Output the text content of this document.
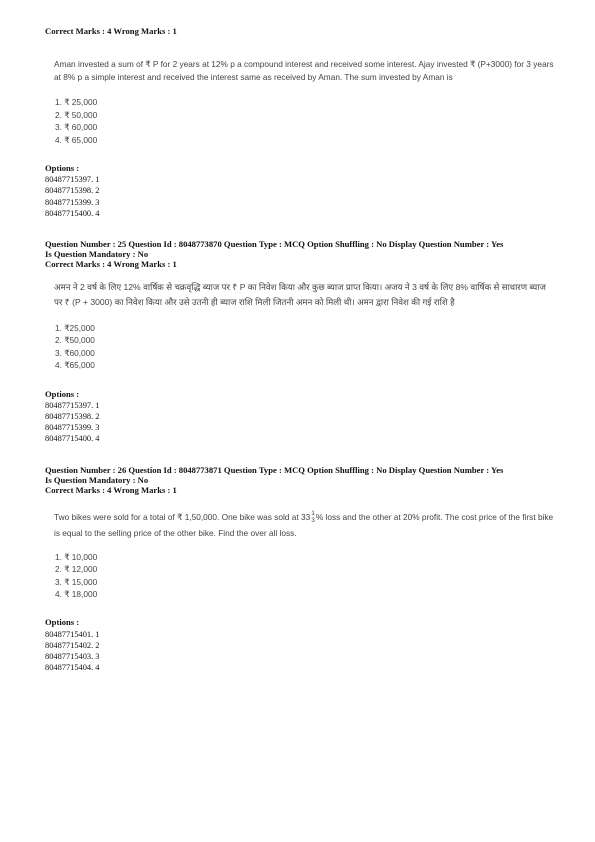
Correct Marks : 4 Wrong Marks : 1
Aman invested a sum of ₹ P for 2 years at 12% p a compound interest and received some interest. Ajay invested ₹ (P+3000) for 3 years at 8% p a simple interest and received the interest same as received by Aman. The sum invested by Aman is
1. ₹ 25,000
2. ₹ 50,000
3. ₹ 60,000
4. ₹ 65,000
Options :
80487715397. 1
80487715398. 2
80487715399. 3
80487715400. 4
Question Number : 25 Question Id : 8048773870 Question Type : MCQ Option Shuffling : No Display Question Number : Yes
Is Question Mandatory : No
Correct Marks : 4 Wrong Marks : 1
अमन ने 2 वर्ष के लिए 12% वार्षिक से चक्रवृद्धि ब्याज पर ₹ P का निवेश किया और कुछ ब्याज प्राप्त किया। अजय ने 3 वर्ष के लिए 8% वार्षिक से साधारण ब्याज पर ₹ (P + 3000) का निवेश किया और उसे उतनी ही ब्याज राशि मिली जितनी अमन को मिली थी। अमन द्वारा निवेश की गई राशि है
1. ₹25,000
2. ₹50,000
3. ₹60,000
4. ₹65,000
Options :
80487715397. 1
80487715398. 2
80487715399. 3
80487715400. 4
Question Number : 26 Question Id : 8048773871 Question Type : MCQ Option Shuffling : No Display Question Number : Yes
Is Question Mandatory : No
Correct Marks : 4 Wrong Marks : 1
Two bikes were sold for a total of ₹ 1,50,000. One bike was sold at 33 1
3 % loss and the other at 20% profit. The cost price of the first bike is equal to the selling price of the other bike. Find the over all loss.
1. ₹ 10,000
2. ₹ 12,000
3. ₹ 15,000
4. ₹ 18,000
Options :
80487715401. 1
80487715402. 2
80487715403. 3
80487715404. 4
